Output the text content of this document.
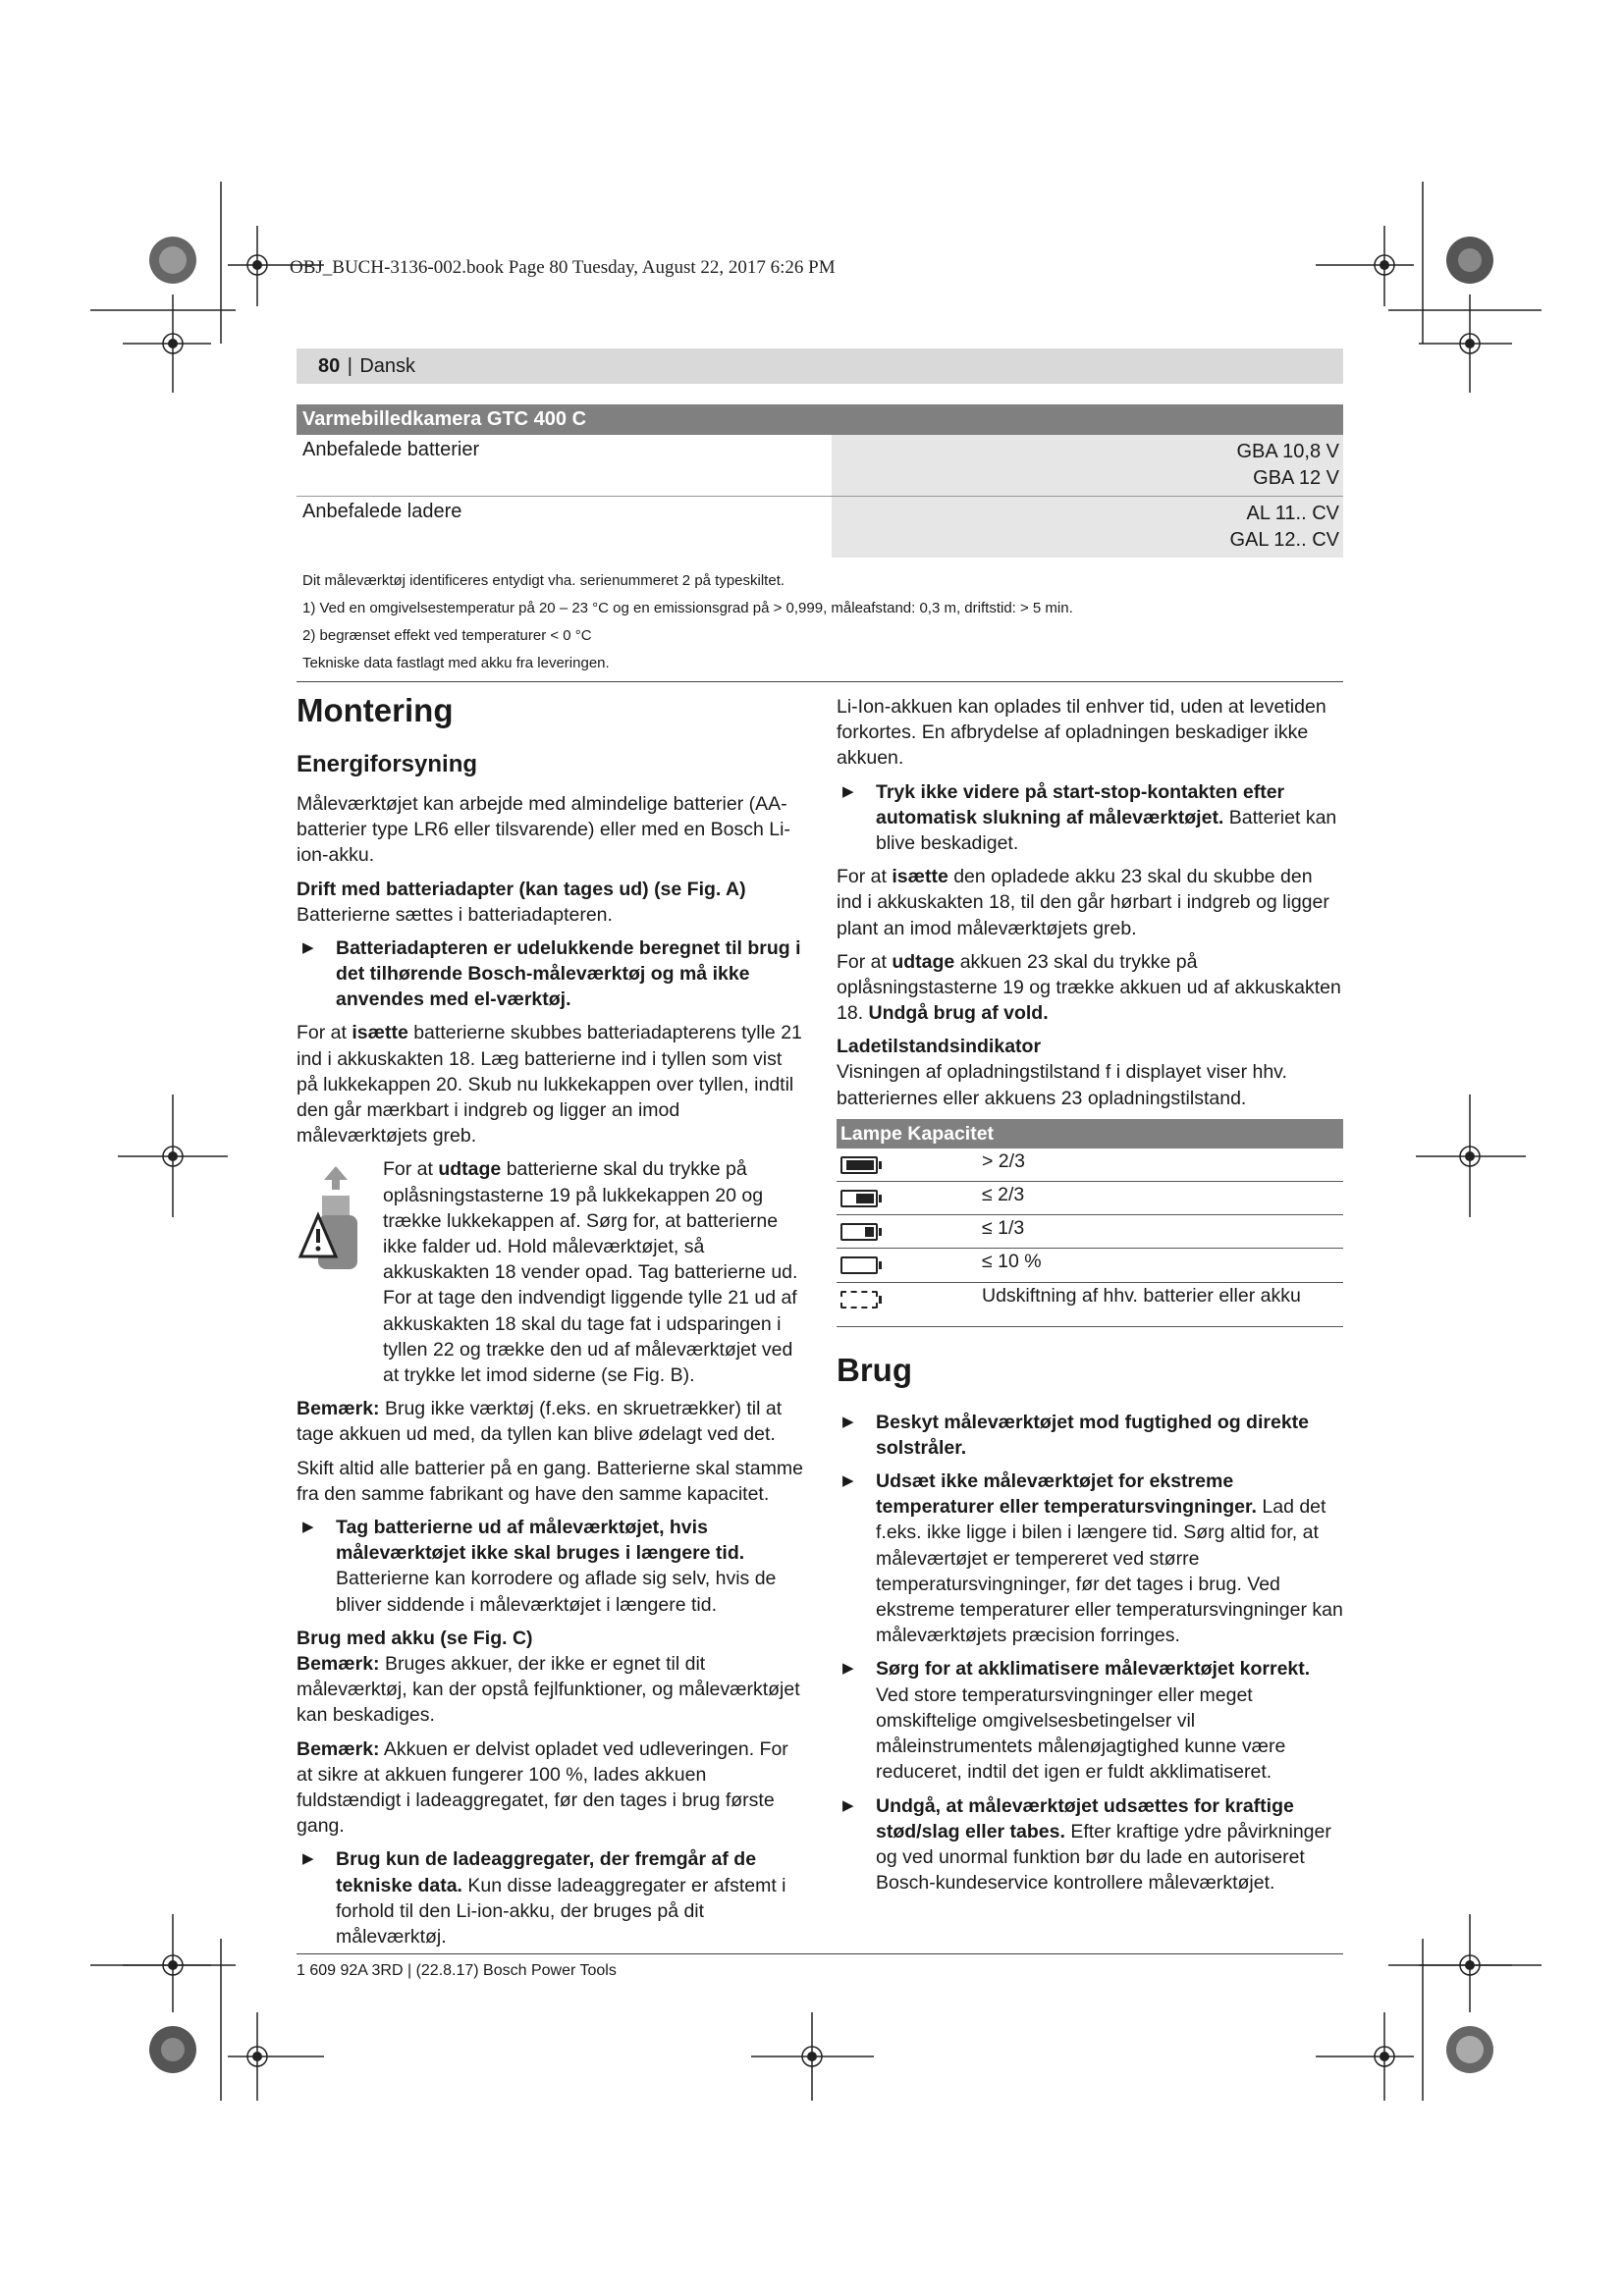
OBJ_BUCH-3136-002.book Page 80 Tuesday, August 22, 2017 6:26 PM
80 | Dansk
Varmebilledkamera GTC 400 C
Anbefalede batterier	GBA 10,8 V
GBA 12 V
Anbefalede ladere	AL 11.. CV
GAL 12.. CV
Dit måleværktøj identificeres entydigt vha. serienummeret 2 på typeskiltet.
1) Ved en omgivelsestemperatur på 20 – 23 °C og en emissionsgrad på > 0,999, måleafstand: 0,3 m, driftstid: > 5 min.
2) begrænset effekt ved temperaturer < 0 °C
Tekniske data fastlagt med akku fra leveringen.
Montering
Energiforsyning

Måleværktøjet kan arbejde med almindelige batterier (AA-batterier type LR6 eller tilsvarende) eller med en Bosch Li-ion-akku.

Drift med batteriadapter (kan tages ud) (se Fig. A)

Batterierne sættes i batteriadapteren.

▶ Batteriadapteren er udelukkende beregnet til brug i det tilhørende Bosch-måleværktøj og må ikke anvendes med el-værktøj.

For at isætte batterierne skubbes batteriadapterens tylle 21 ind i akkuskakten 18. Læg batterierne ind i tyllen som vist på lukkekappen 20. Skub nu lukkekappen over tyllen, indtil den går mærkbart i indgreb og ligger an imod måleværktøjets greb.

For at udtage batterierne skal du trykke på oplåsningstasterne 19 på lukkekappen 20 og trække lukkekappen af. Sørg for, at batterierne ikke falder ud. Hold måleværktøjet, så akkuskakten 18 vender opad. Tag batterierne ud. For at tage den indvendigt liggende tylle 21 ud af akkuskakten 18 skal du tage fat i udsparingen i tyllen 22 og trække den ud af måleværktøjet ved at trykke let imod siderne (se Fig. B).

Bemærk: Brug ikke værktøj (f.eks. en skruetrækker) til at tage akkuen ud med, da tyllen kan blive ødelagt ved det.

Skift altid alle batterier på en gang. Batterierne skal stamme fra den samme fabrikant og have den samme kapacitet.

▶ Tag batterierne ud af måleværktøjet, hvis måleværktøjet ikke skal bruges i længere tid. Batterierne kan korrodere og aflade sig selv, hvis de bliver siddende i måleværktøjet i længere tid.
Brug med akku (se Fig. C)

Bemærk: Bruges akkuer, der ikke er egnet til dit måleværktøj, kan der opstå fejlfunktioner, og måleværktøjet kan beskadiges.

Bemærk: Akkuen er delvist opladet ved udleveringen. For at sikre at akkuen fungerer 100 %, lades akkuen fuldstændigt i ladeaggregatet, før den tages i brug første gang.

▶ Brug kun de ladeaggregater, der fremgår af de tekniske data. Kun disse ladeaggregater er afstemt i forhold til den Li-ion-akku, der bruges på dit måleværktøj.

Li-Ion-akkuen kan oplades til enhver tid, uden at levetiden forkortes. En afbrydelse af opladningen beskadiger ikke akkuen.

▶ Tryk ikke videre på start-stop-kontakten efter automatisk slukning af måleværktøjet. Batteriet kan blive beskadiget.

For at isætte den opladede akku 23 skal du skubbe den ind i akkuskakten 18, til den går hørbart i indgreb og ligger plant an imod måleværktøjets greb.

For at udtage akkuen 23 skal du trykke på oplåsningstasterne 19 og trække akkuen ud af akkuskakten 18. Undgå brug af vold.

Ladetilstandsindikator

Visningen af opladningstilstand f i displayet viser hhv. batteriernes eller akkuens 23 opladningstilstand.

Lampe Kapacitet	

	> 2/3

	≤ 2/3

	≤ 1/3

	≤ 10 %

	Udskiftning af hhv. batterier eller akku
Brug
▶ Beskyt måleværktøjet mod fugtighed og direkte solstråler.
▶ Udsæt ikke måleværktøjet for ekstreme temperaturer eller temperatursvingninger. Lad det f.eks. ikke ligge i bilen i længere tid. Sørg altid for, at måleværtøjet er tempereret ved større temperatursvingninger, før det tages i brug. Ved ekstreme temperaturer eller temperatursvingninger kan måleværktøjets præcision forringes.
▶ Sørg for at akklimatisere måleværktøjet korrekt. Ved store temperatursvingninger eller meget omskiftelige omgivelsesbetingelser vil måleinstrumentets målenøjagtighed kunne være reduceret, indtil det igen er fuldt akklimatiseret.
▶ Undgå, at måleværktøjet udsættes for kraftige stød/slag eller tabes. Efter kraftige ydre påvirkninger og ved unormal funktion bør du lade en autoriseret Bosch-kundeservice kontrollere måleværktøjet.
1 609 92A 3RD | (22.8.17) Bosch Power Tools
